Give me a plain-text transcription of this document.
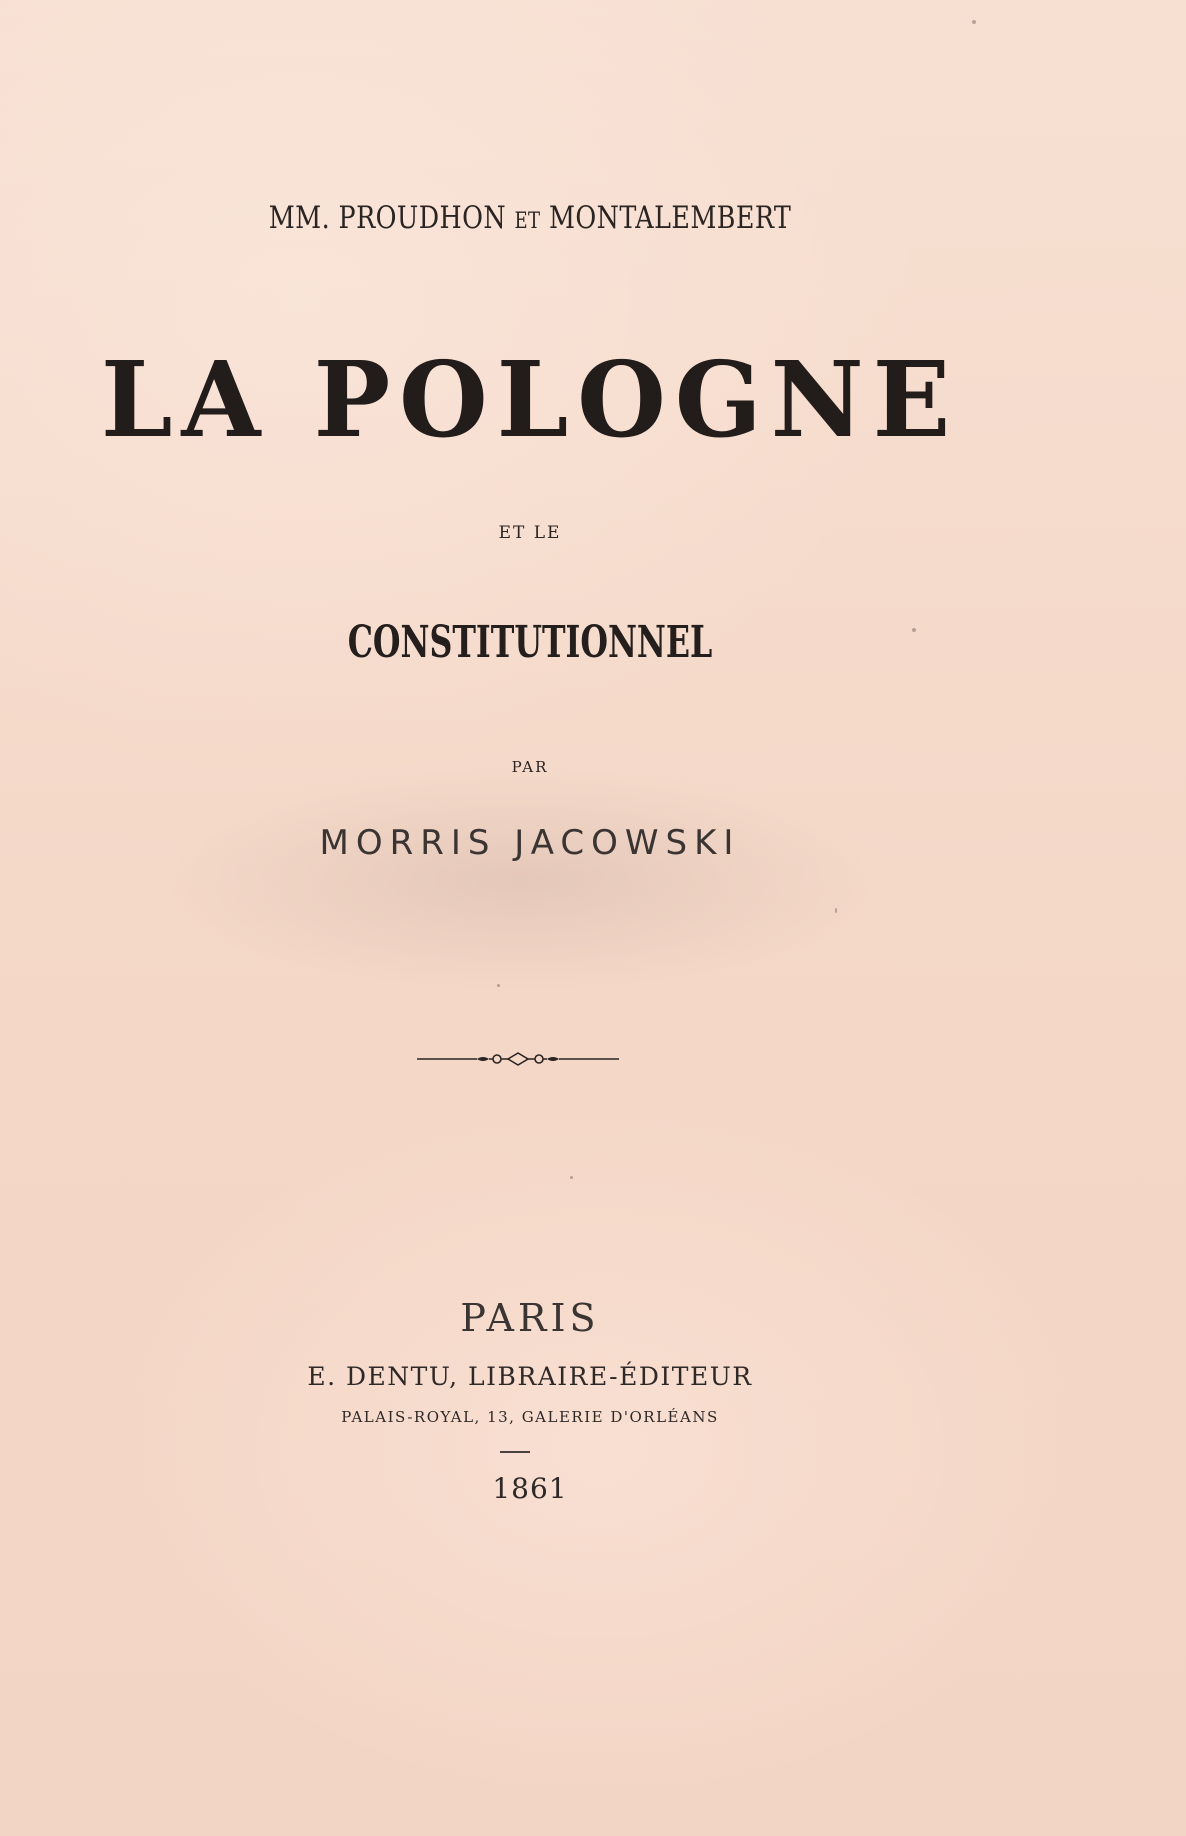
MM. PROUDHON ET MONTALEMBERT
LA POLOGNE
ET LE
CONSTITUTIONNEL
PAR
MORRIS JACOWSKI
PARIS
E. DENTU, LIBRAIRE-ÉDITEUR
PALAIS-ROYAL, 13, GALERIE D'ORLÉANS
1861
